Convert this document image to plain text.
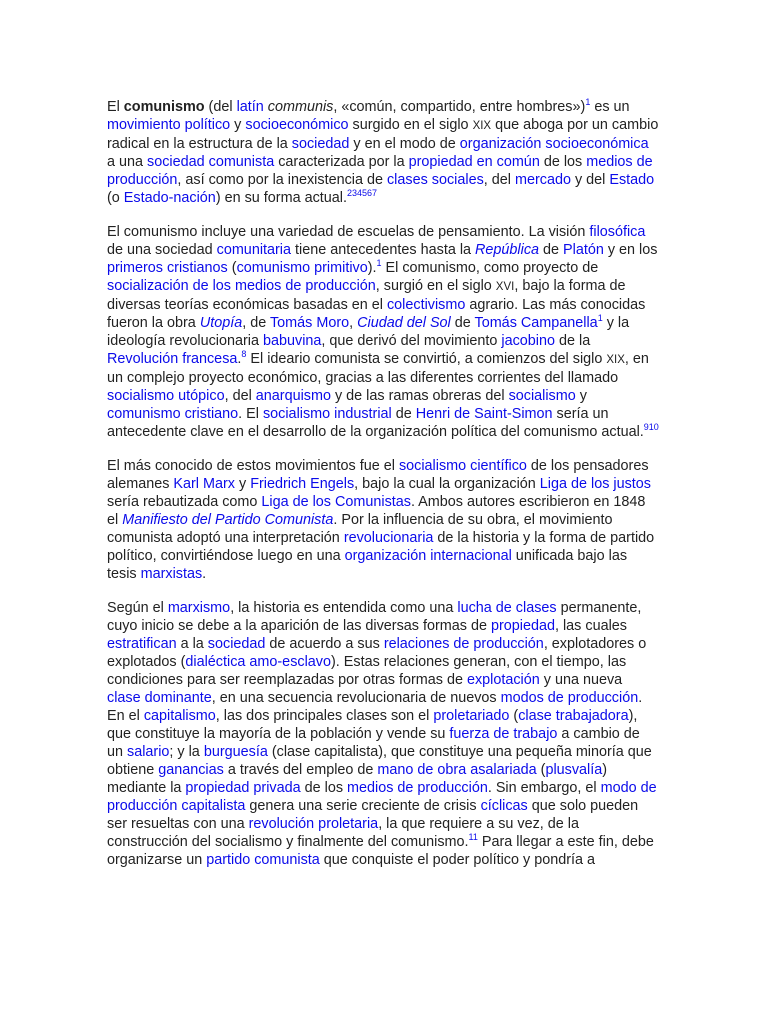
El comunismo (del latín communis, «común, compartido, entre hombres»)$^1$ es un movimiento político y socioeconómico surgido en el siglo XIX que aboga por un cambio radical en la estructura de la sociedad y en el modo de organización socioeconómica a una sociedad comunista caracterizada por la propiedad en común de los medios de producción, así como por la inexistencia de clases sociales, del mercado y del Estado (o Estado-nación) en su forma actual.$^{234567}$

El comunismo incluye una variedad de escuelas de pensamiento. La visión filosófica de una sociedad comunitaria tiene antecedentes hasta la República de Platón y en los primeros cristianos (comunismo primitivo).$^1$ El comunismo, como proyecto de socialización de los medios de producción, surgió en el siglo XVI, bajo la forma de diversas teorías económicas basadas en el colectivismo agrario. Las más conocidas fueron la obra Utopía, de Tomás Moro, Ciudad del Sol de Tomás Campanella$^1$ y la ideología revolucionaria babuvina, que derivó del movimiento jacobino de la Revolución francesa.$^8$ El ideario comunista se convirtió, a comienzos del siglo XIX, en un complejo proyecto económico, gracias a las diferentes corrientes del llamado socialismo utópico, del anarquismo y de las ramas obreras del socialismo y comunismo cristiano. El socialismo industrial de Henri de Saint-Simon sería un antecedente clave en el desarrollo de la organización política del comunismo actual.$^{910}$

El más conocido de estos movimientos fue el socialismo científico de los pensadores alemanes Karl Marx y Friedrich Engels, bajo la cual la organización Liga de los justos sería rebautizada como Liga de los Comunistas. Ambos autores escribieron en 1848 el Manifiesto del Partido Comunista. Por la influencia de su obra, el movimiento comunista adoptó una interpretación revolucionaria de la historia y la forma de partido político, convirtiéndose luego en una organización internacional unificada bajo las tesis marxistas.

Según el marxismo, la historia es entendida como una lucha de clases permanente, cuyo inicio se debe a la aparición de las diversas formas de propiedad, las cuales estratifican a la sociedad de acuerdo a sus relaciones de producción, explotadores o explotados (dialéctica amo-esclavo). Estas relaciones generan, con el tiempo, las condiciones para ser reemplazadas por otras formas de explotación y una nueva clase dominante, en una secuencia revolucionaria de nuevos modos de producción. En el capitalismo, las dos principales clases son el proletariado (clase trabajadora), que constituye la mayoría de la población y vende su fuerza de trabajo a cambio de un salario; y la burguesía (clase capitalista), que constituye una pequeña minoría que obtiene ganancias a través del empleo de mano de obra asalariada (plusvalía) mediante la propiedad privada de los medios de producción. Sin embargo, el modo de producción capitalista genera una serie creciente de crisis cíclicas que solo pueden ser resueltas con una revolución proletaria, la que requiere a su vez, de la construcción del socialismo y finalmente del comunismo.$^{11}$ Para llegar a este fin, debe organizarse un partido comunista que conquiste el poder político y pondría a
